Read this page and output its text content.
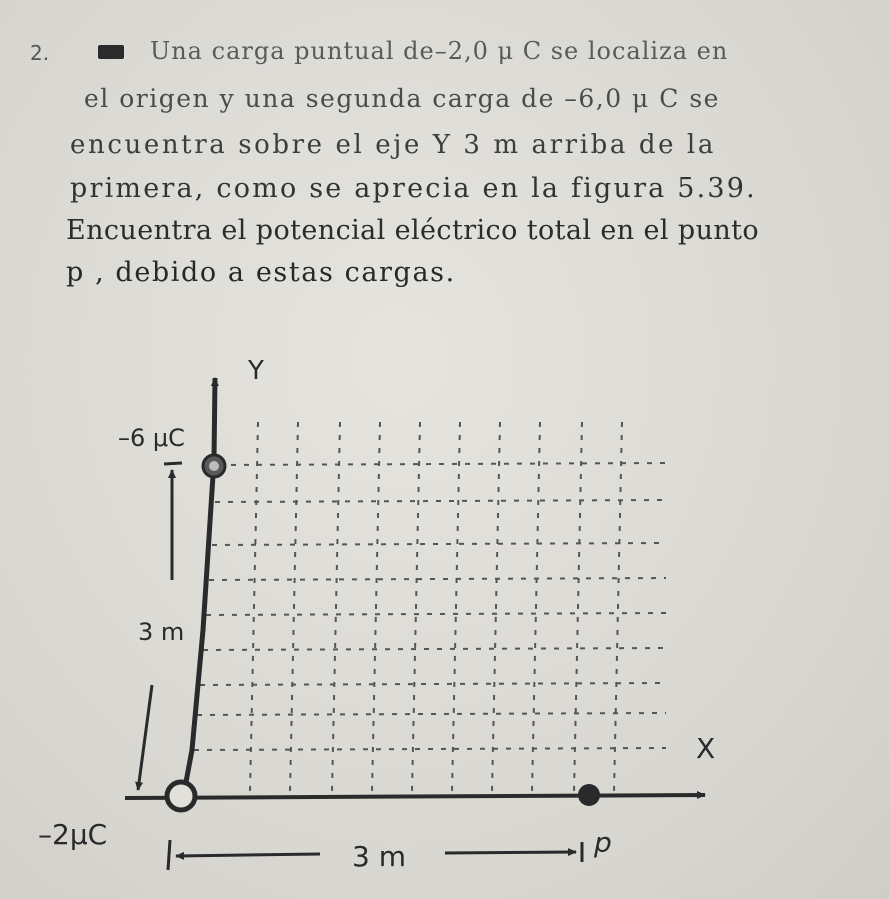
2.	Una carga puntual de–2,0 μ C se localiza en
el origen y una segunda carga de –6,0 μ C se
encuentra sobre el eje Y 3 m arriba de la
primera, como se aprecia en la figura 5.39.
Encuentra el potencial eléctrico total en el punto
p , debido a estas cargas.
Y
X
–6 μC
–2μC
3 m
3 m	p
